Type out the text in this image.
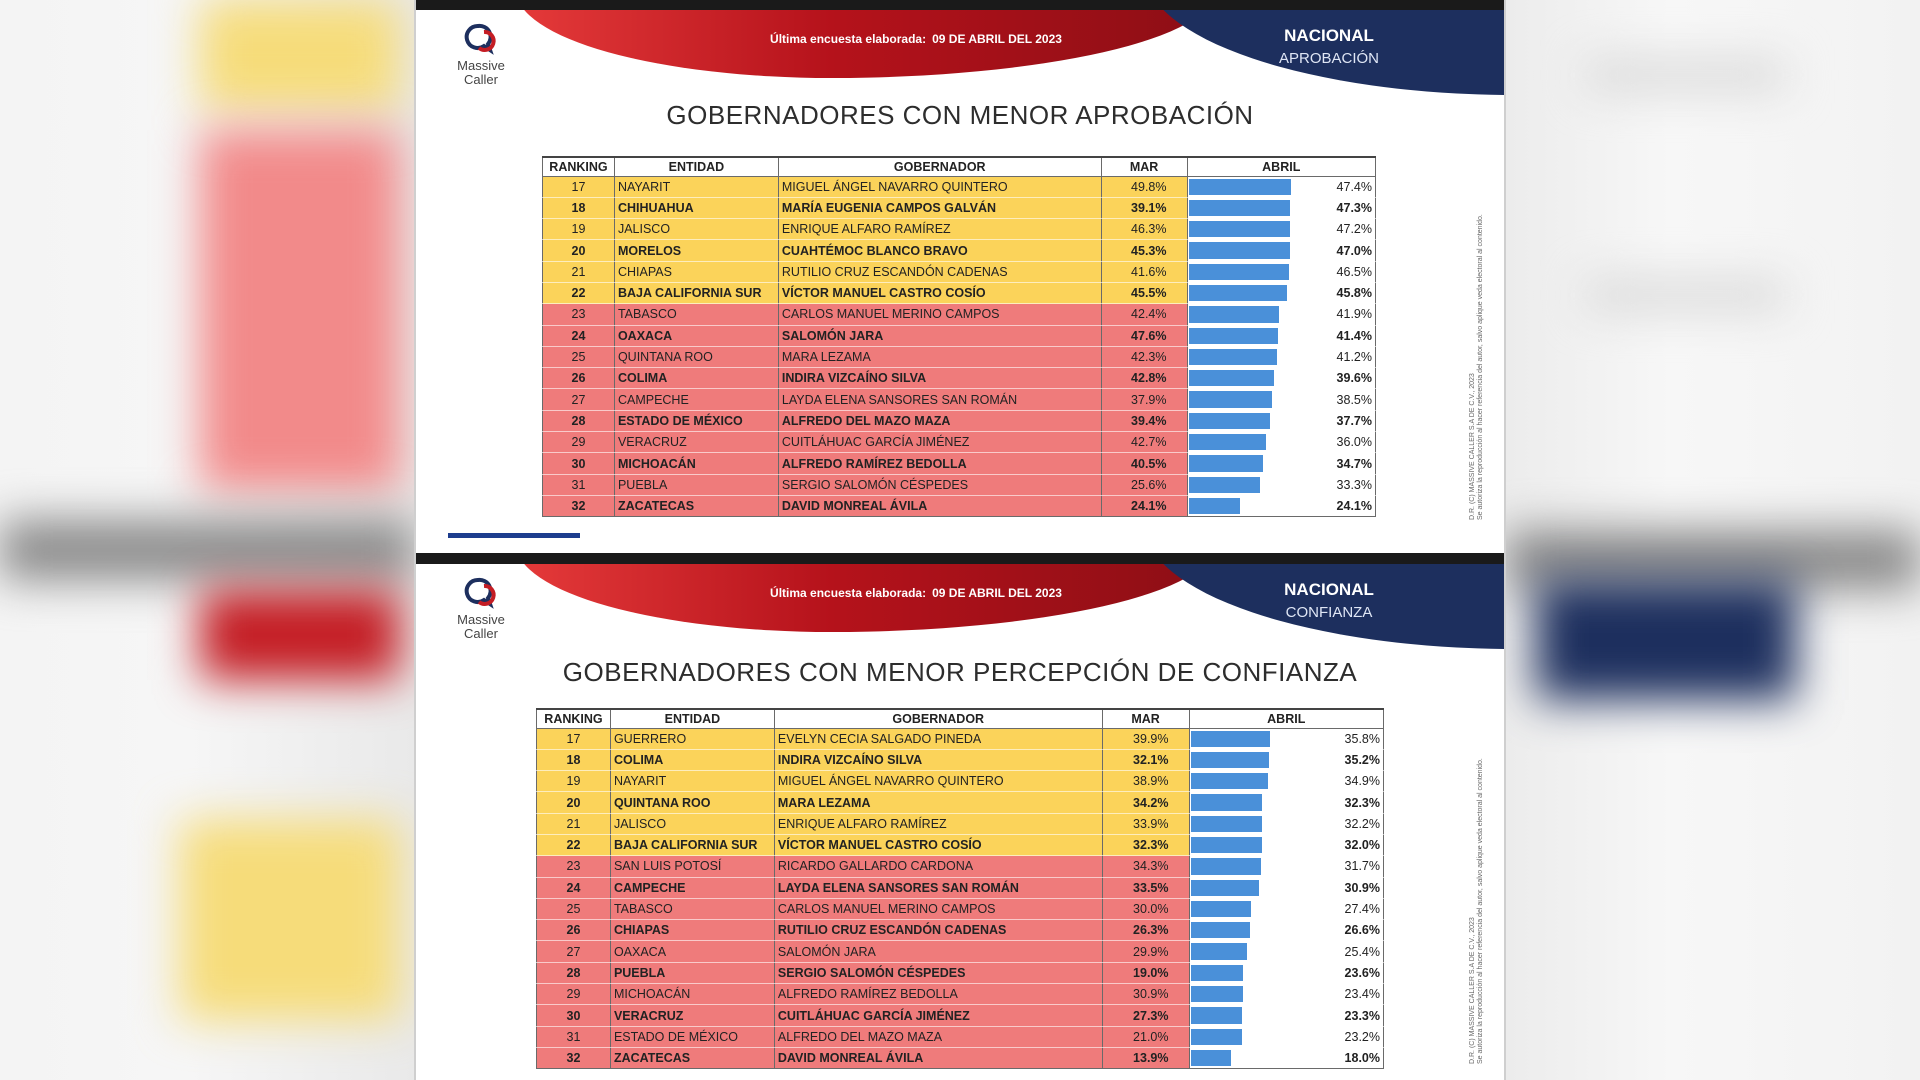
Última encuesta elaborada: 09 DE ABRIL DEL 2023	NACIONAL
APROBACIÓN
Massive
Caller
GOBERNADORES CON MENOR APROBACIÓN
RANKING	ENTIDAD	GOBERNADOR	MAR	ABRIL
17	NAYARIT	MIGUEL ÁNGEL NAVARRO QUINTERO	49.8%	47.4%

18	CHIHUAHUA	MARÍA EUGENIA CAMPOS GALVÁN	39.1%	47.3%

19	JALISCO	ENRIQUE ALFARO RAMÍREZ	46.3%	47.2%

20	MORELOS	CUAHTÉMOC BLANCO BRAVO	45.3%	47.0%

21	CHIAPAS	RUTILIO CRUZ ESCANDÓN CADENAS	41.6%	46.5%

22	BAJA CALIFORNIA SUR	VÍCTOR MANUEL CASTRO COSÍO	45.5%	45.8%

23	TABASCO	CARLOS MANUEL MERINO CAMPOS	42.4%	41.9%

24	OAXACA	SALOMÓN JARA	47.6%	41.4%

25	QUINTANA ROO	MARA LEZAMA	42.3%	41.2%

26	COLIMA	INDIRA VIZCAÍNO SILVA	42.8%	39.6%

27	CAMPECHE	LAYDA ELENA SANSORES SAN ROMÁN	37.9%	38.5%

28	ESTADO DE MÉXICO	ALFREDO DEL MAZO MAZA	39.4%	37.7%

29	VERACRUZ	CUITLÁHUAC GARCÍA JIMÉNEZ	42.7%	36.0%

30	MICHOACÁN	ALFREDO RAMÍREZ BEDOLLA	40.5%	34.7%

31	PUEBLA	SERGIO SALOMÓN CÉSPEDES	25.6%	33.3%

32	ZACATECAS	DAVID MONREAL ÁVILA	24.1%	24.1%	D.R. (C) MASSIVE CALLER S.A DE C.V., 2023 Se autoriza la reproducción al hacer referencia del autor, salvo aplique veda electoral al contenido.
Última encuesta elaborada: 09 DE ABRIL DEL 2023	NACIONAL
CONFIANZA
Massive
Caller
GOBERNADORES CON MENOR PERCEPCIÓN DE CONFIANZA
RANKING	ENTIDAD	GOBERNADOR	MAR	ABRIL
17	GUERRERO	EVELYN CECIA SALGADO PINEDA	39.9%	35.8%

18	COLIMA	INDIRA VIZCAÍNO SILVA	32.1%	35.2%

19	NAYARIT	MIGUEL ÁNGEL NAVARRO QUINTERO	38.9%	34.9%

20	QUINTANA ROO	MARA LEZAMA	34.2%	32.3%

21	JALISCO	ENRIQUE ALFARO RAMÍREZ	33.9%	32.2%

22	BAJA CALIFORNIA SUR	VÍCTOR MANUEL CASTRO COSÍO	32.3%	32.0%

23	SAN LUIS POTOSÍ	RICARDO GALLARDO CARDONA	34.3%	31.7%

24	CAMPECHE	LAYDA ELENA SANSORES SAN ROMÁN	33.5%	30.9%

25	TABASCO	CARLOS MANUEL MERINO CAMPOS	30.0%	27.4%

26	CHIAPAS	RUTILIO CRUZ ESCANDÓN CADENAS	26.3%	26.6%

27	OAXACA	SALOMÓN JARA	29.9%	25.4%

28	PUEBLA	SERGIO SALOMÓN CÉSPEDES	19.0%	23.6%

29	MICHOACÁN	ALFREDO RAMÍREZ BEDOLLA	30.9%	23.4%

30	VERACRUZ	CUITLÁHUAC GARCÍA JIMÉNEZ	27.3%	23.3%

31	ESTADO DE MÉXICO	ALFREDO DEL MAZO MAZA	21.0%	23.2%

32	ZACATECAS	DAVID MONREAL ÁVILA	13.9%	18.0%	D.R. (C) MASSIVE CALLER S.A DE C.V., 2023 Se autoriza la reproducción al hacer referencia del autor, salvo aplique veda electoral al contenido.
